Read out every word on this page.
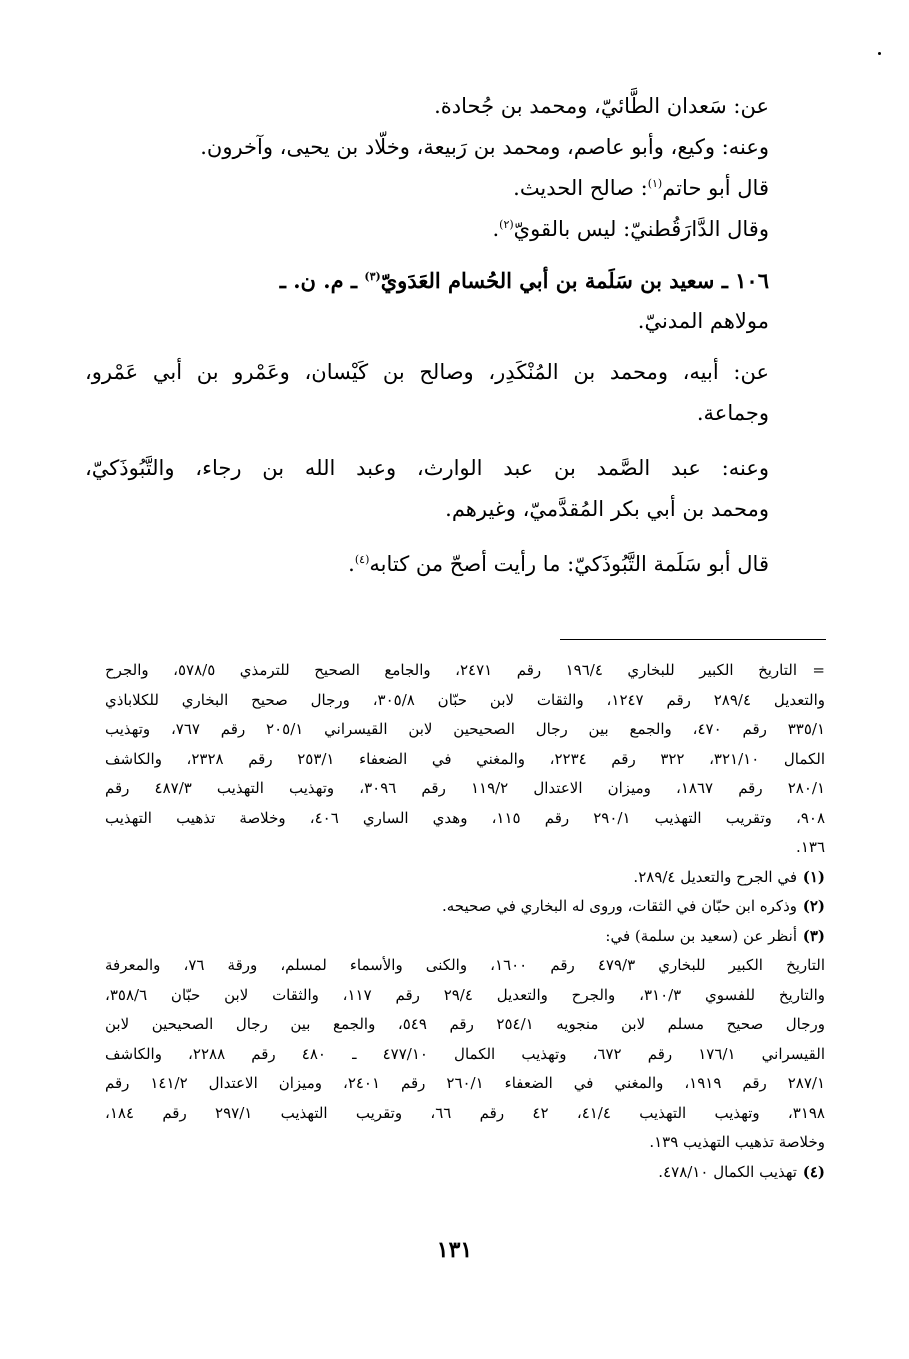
عن: سَعدان الطَّائيّ، ومحمد بن جُحادة.
وعنه: وكيع، وأبو عاصم، ومحمد بن رَبيعة، وخلّاد بن يحيى، وآخرون.
قال أبو حاتم$^{(١)}$: صالح الحديث.
وقال الدَّارَقُطنيّ: ليس بالقويّ$^{(٢)}$.
١٠٦ ـ سعيد بن سَلَمة بن أبي الحُسام العَدَويّ$^{(٣)}$ ـ م. ن. ـ
مولاهم المدنيّ.
عن: أبيه، ومحمد بن المُنْكَدِر، وصالح بن كَيْسان، وعَمْرو بن أبي عَمْرو،
وجماعة.
وعنه: عبد الصَّمد بن عبد الوارث، وعبد الله بن رجاء، والتَّبُوذَكيّ،
ومحمد بن أبي بكر المُقدَّميّ، وغيرهم.
قال أبو سَلَمة التَّبُوذَكيّ: ما رأيت أصحّ من كتابه$^{(٤)}$.
=
التاريخ الكبير للبخاري ١٩٦/٤ رقم ٢٤٧١، والجامع الصحيح للترمذي ٥٧٨/٥، والجرح
والتعديل ٢٨٩/٤ رقم ١٢٤٧، والثقات لابن حبّان ٣٠٥/٨، ورجال صحيح البخاري للكلاباذي
٣٣٥/١ رقم ٤٧٠، والجمع بين رجال الصحيحين لابن القيسراني ٢٠٥/١ رقم ٧٦٧، وتهذيب
الكمال ٣٢١/١٠، ٣٢٢ رقم ٢٢٣٤، والمغني في الضعفاء ٢٥٣/١ رقم ٢٣٢٨، والكاشف
٢٨٠/١ رقم ١٨٦٧، وميزان الاعتدال ١١٩/٢ رقم ٣٠٩٦، وتهذيب التهذيب ٤٨٧/٣ رقم
٩٠٨، وتقريب التهذيب ٢٩٠/١ رقم ١١٥، وهدي الساري ٤٠٦، وخلاصة تذهيب التهذيب
١٣٦.
(١)في الجرح والتعديل ٢٨٩/٤.
(٢)وذكره ابن حبّان في الثقات، وروى له البخاري في صحيحه.
(٣)أنظر عن (سعيد بن سلمة) في:
التاريخ الكبير للبخاري ٤٧٩/٣ رقم ١٦٠٠، والكنى والأسماء لمسلم، ورقة ٧٦، والمعرفة
والتاريخ للفسوي ٣١٠/٣، والجرح والتعديل ٢٩/٤ رقم ١١٧، والثقات لابن حبّان ٣٥٨/٦،
ورجال صحيح مسلم لابن منجويه ٢٥٤/١ رقم ٥٤٩، والجمع بين رجال الصحيحين لابن
القيسراني ١٧٦/١ رقم ٦٧٢، وتهذيب الكمال ٤٧٧/١٠ ـ ٤٨٠ رقم ٢٢٨٨، والكاشف
٢٨٧/١ رقم ١٩١٩، والمغني في الضعفاء ٢٦٠/١ رقم ٢٤٠١، وميزان الاعتدال ١٤١/٢ رقم
٣١٩٨، وتهذيب التهذيب ٤١/٤، ٤٢ رقم ٦٦، وتقريب التهذيب ٢٩٧/١ رقم ١٨٤،
وخلاصة تذهيب التهذيب ١٣٩.
(٤)تهذيب الكمال ٤٧٨/١٠.
١٣١
